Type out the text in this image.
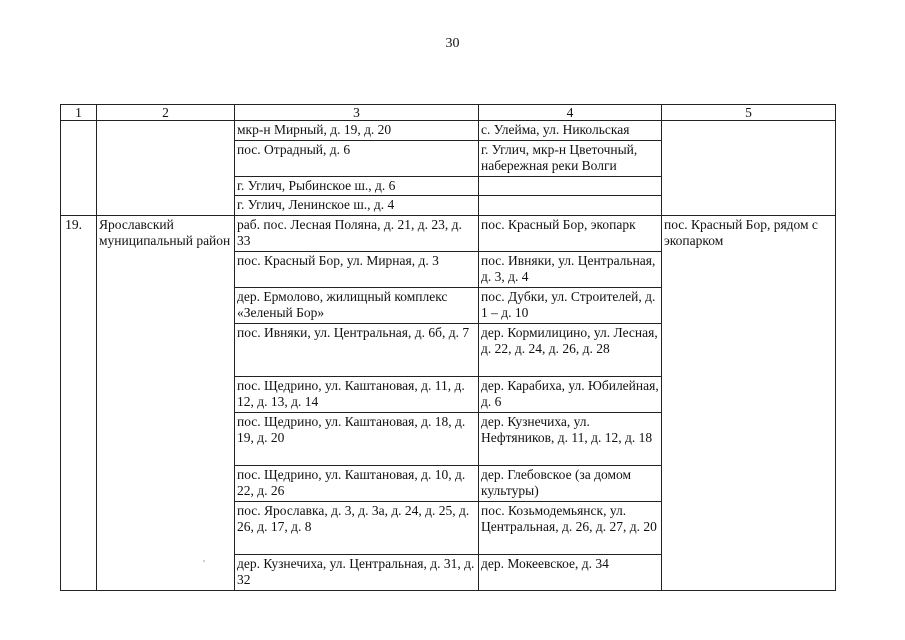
30
1	2	3	4	5
		мкр-н Мирный, д. 19, д. 20	с. Улейма, ул. Никольская	
		пос. Отрадный, д. 6	г. Углич, мкр-н Цветочный, набережная реки Волги	
		г. Углич, Рыбинское ш., д. 6		
		г. Углич, Ленинское ш., д. 4		
19.	Ярославский муниципальный район	раб. пос. Лесная Поляна, д. 21, д. 23, д. 33	пос. Красный Бор, экопарк	пос. Красный Бор, рядом с экопарком
		пос. Красный Бор, ул. Мирная, д. 3	пос. Ивняки, ул. Центральная, д. 3, д. 4	
		дер. Ермолово, жилищный комплекс «Зеленый Бор»	пос. Дубки, ул. Строителей, д. 1 – д. 10	
		пос. Ивняки, ул. Центральная, д. 6б, д. 7	дер. Кормилицино, ул. Лесная, д. 22, д. 24, д. 26, д. 28	
		пос. Щедрино, ул. Каштановая, д. 11, д. 12, д. 13, д. 14	дер. Карабиха, ул. Юбилейная, д. 6	
		пос. Щедрино, ул. Каштановая, д. 18, д. 19, д. 20	дер. Кузнечиха, ул. Нефтяников, д. 11, д. 12, д. 18	
		пос. Щедрино, ул. Каштановая, д. 10, д. 22, д. 26	дер. Глебовское (за домом культуры)	
		пос. Ярославка, д. 3, д. 3а, д. 24, д. 25, д. 26, д. 17, д. 8	пос. Козьмодемьянск, ул. Центральная, д. 26, д. 27, д. 20	
		дер. Кузнечиха, ул. Центральная, д. 31, д. 32	дер. Мокеевское, д. 34	
